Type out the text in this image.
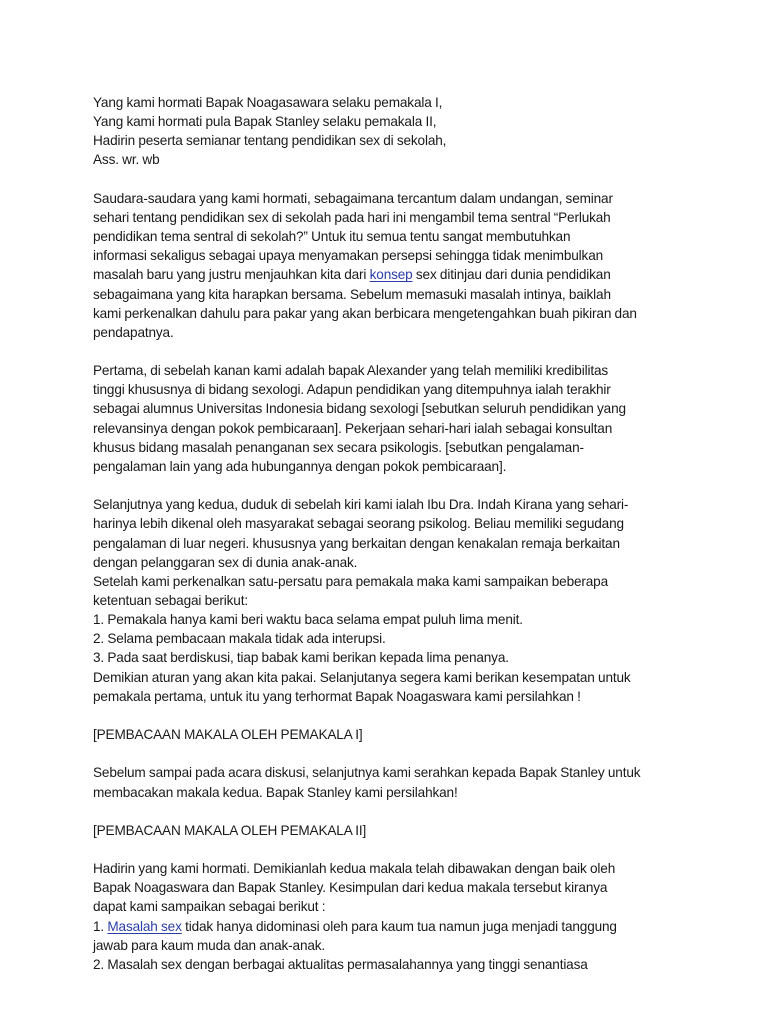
Yang kami hormati Bapak Noagasawara selaku pemakala I,
Yang kami hormati pula Bapak Stanley selaku pemakala II,
Hadirin peserta semianar tentang pendidikan sex di sekolah,
Ass. wr. wb
Saudara-saudara yang kami hormati, sebagaimana tercantum dalam undangan, seminar
sehari tentang pendidikan sex di sekolah pada hari ini mengambil tema sentral “Perlukah
pendidikan tema sentral di sekolah?” Untuk itu semua tentu sangat membutuhkan
informasi sekaligus sebagai upaya menyamakan persepsi sehingga tidak menimbulkan
masalah baru yang justru menjauhkan kita dari konsep sex ditinjau dari dunia pendidikan
sebagaimana yang kita harapkan bersama. Sebelum memasuki masalah intinya, baiklah
kami perkenalkan dahulu para pakar yang akan berbicara mengetengahkan buah pikiran dan
pendapatnya.
Pertama, di sebelah kanan kami adalah bapak Alexander yang telah memiliki kredibilitas
tinggi khususnya di bidang sexologi. Adapun pendidikan yang ditempuhnya ialah terakhir
sebagai alumnus Universitas Indonesia bidang sexologi [sebutkan seluruh pendidikan yang
relevansinya dengan pokok pembicaraan]. Pekerjaan sehari-hari ialah sebagai konsultan
khusus bidang masalah penanganan sex secara psikologis. [sebutkan pengalaman-
pengalaman lain yang ada hubungannya dengan pokok pembicaraan].
Selanjutnya yang kedua, duduk di sebelah kiri kami ialah Ibu Dra. Indah Kirana yang sehari-
harinya lebih dikenal oleh masyarakat sebagai seorang psikolog. Beliau memiliki segudang
pengalaman di luar negeri. khususnya yang berkaitan dengan kenakalan remaja berkaitan
dengan pelanggaran sex di dunia anak-anak.
Setelah kami perkenalkan satu-persatu para pemakala maka kami sampaikan beberapa
ketentuan sebagai berikut:
1. Pemakala hanya kami beri waktu baca selama empat puluh lima menit.
2. Selama pembacaan makala tidak ada interupsi.
3. Pada saat berdiskusi, tiap babak kami berikan kepada lima penanya.
Demikian aturan yang akan kita pakai. Selanjutanya segera kami berikan kesempatan untuk
pemakala pertama, untuk itu yang terhormat Bapak Noagaswara kami persilahkan !
[PEMBACAAN MAKALA OLEH PEMAKALA I]
Sebelum sampai pada acara diskusi, selanjutnya kami serahkan kepada Bapak Stanley untuk
membacakan makala kedua. Bapak Stanley kami persilahkan!
[PEMBACAAN MAKALA OLEH PEMAKALA II]
Hadirin yang kami hormati. Demikianlah kedua makala telah dibawakan dengan baik oleh
Bapak Noagaswara dan Bapak Stanley. Kesimpulan dari kedua makala tersebut kiranya
dapat kami sampaikan sebagai berikut :
1. Masalah sex tidak hanya didominasi oleh para kaum tua namun juga menjadi tanggung
jawab para kaum muda dan anak-anak.
2. Masalah sex dengan berbagai aktualitas permasalahannya yang tinggi senantiasa
